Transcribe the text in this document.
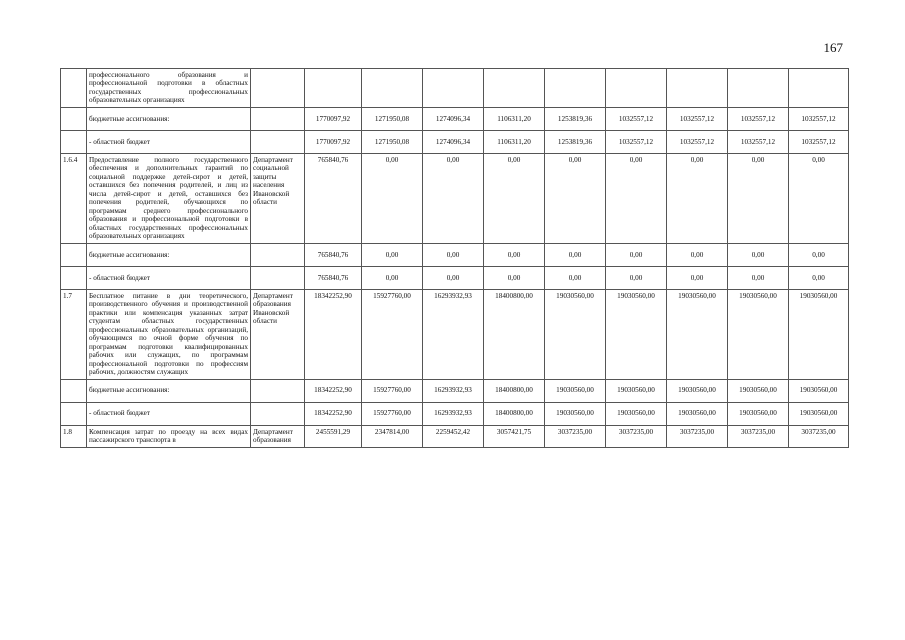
167
	профессионального образования и профессиональной подготовки в областных государственных профессиональных образовательных организациях										
	бюджетные ассигнования:		1770097,92	1271950,08	1274096,34	1106311,20	1253819,36	1032557,12	1032557,12	1032557,12	1032557,12
	- областной бюджет		1770097,92	1271950,08	1274096,34	1106311,20	1253819,36	1032557,12	1032557,12	1032557,12	1032557,12
1.6.4	Предоставление полного государственного обеспечения и дополнительных гарантий по социальной поддержке детей-сирот и детей, оставшихся без попечения родителей, и лиц из числа детей-сирот и детей, оставшихся без попечения родителей, обучающихся по программам среднего профессионального образования и профессиональной подготовки в областных государственных профессиональных образовательных организациях	Департамент социальной защиты населения Ивановской области	765840,76	0,00	0,00	0,00	0,00	0,00	0,00	0,00	0,00
	бюджетные ассигнования:		765840,76	0,00	0,00	0,00	0,00	0,00	0,00	0,00	0,00
	- областной бюджет		765840,76	0,00	0,00	0,00	0,00	0,00	0,00	0,00	0,00
1.7	Бесплатное питание в дни теоретического, производственного обучения и производственной практики или компенсация указанных затрат студентам областных государственных профессиональных образовательных организаций, обучающимся по очной форме обучения по программам подготовки квалифицированных рабочих или служащих, по программам профессиональной подготовки по профессиям рабочих, должностям служащих	Департамент образования Ивановской области	18342252,90	15927760,00	16293932,93	18400800,00	19030560,00	19030560,00	19030560,00	19030560,00	19030560,00
	бюджетные ассигнования:		18342252,90	15927760,00	16293932,93	18400800,00	19030560,00	19030560,00	19030560,00	19030560,00	19030560,00
	- областной бюджет		18342252,90	15927760,00	16293932,93	18400800,00	19030560,00	19030560,00	19030560,00	19030560,00	19030560,00
1.8	Компенсация затрат по проезду на всех видах пассажирского транспорта в	Департамент образования	2455591,29	2347814,00	2259452,42	3057421,75	3037235,00	3037235,00	3037235,00	3037235,00	3037235,00
